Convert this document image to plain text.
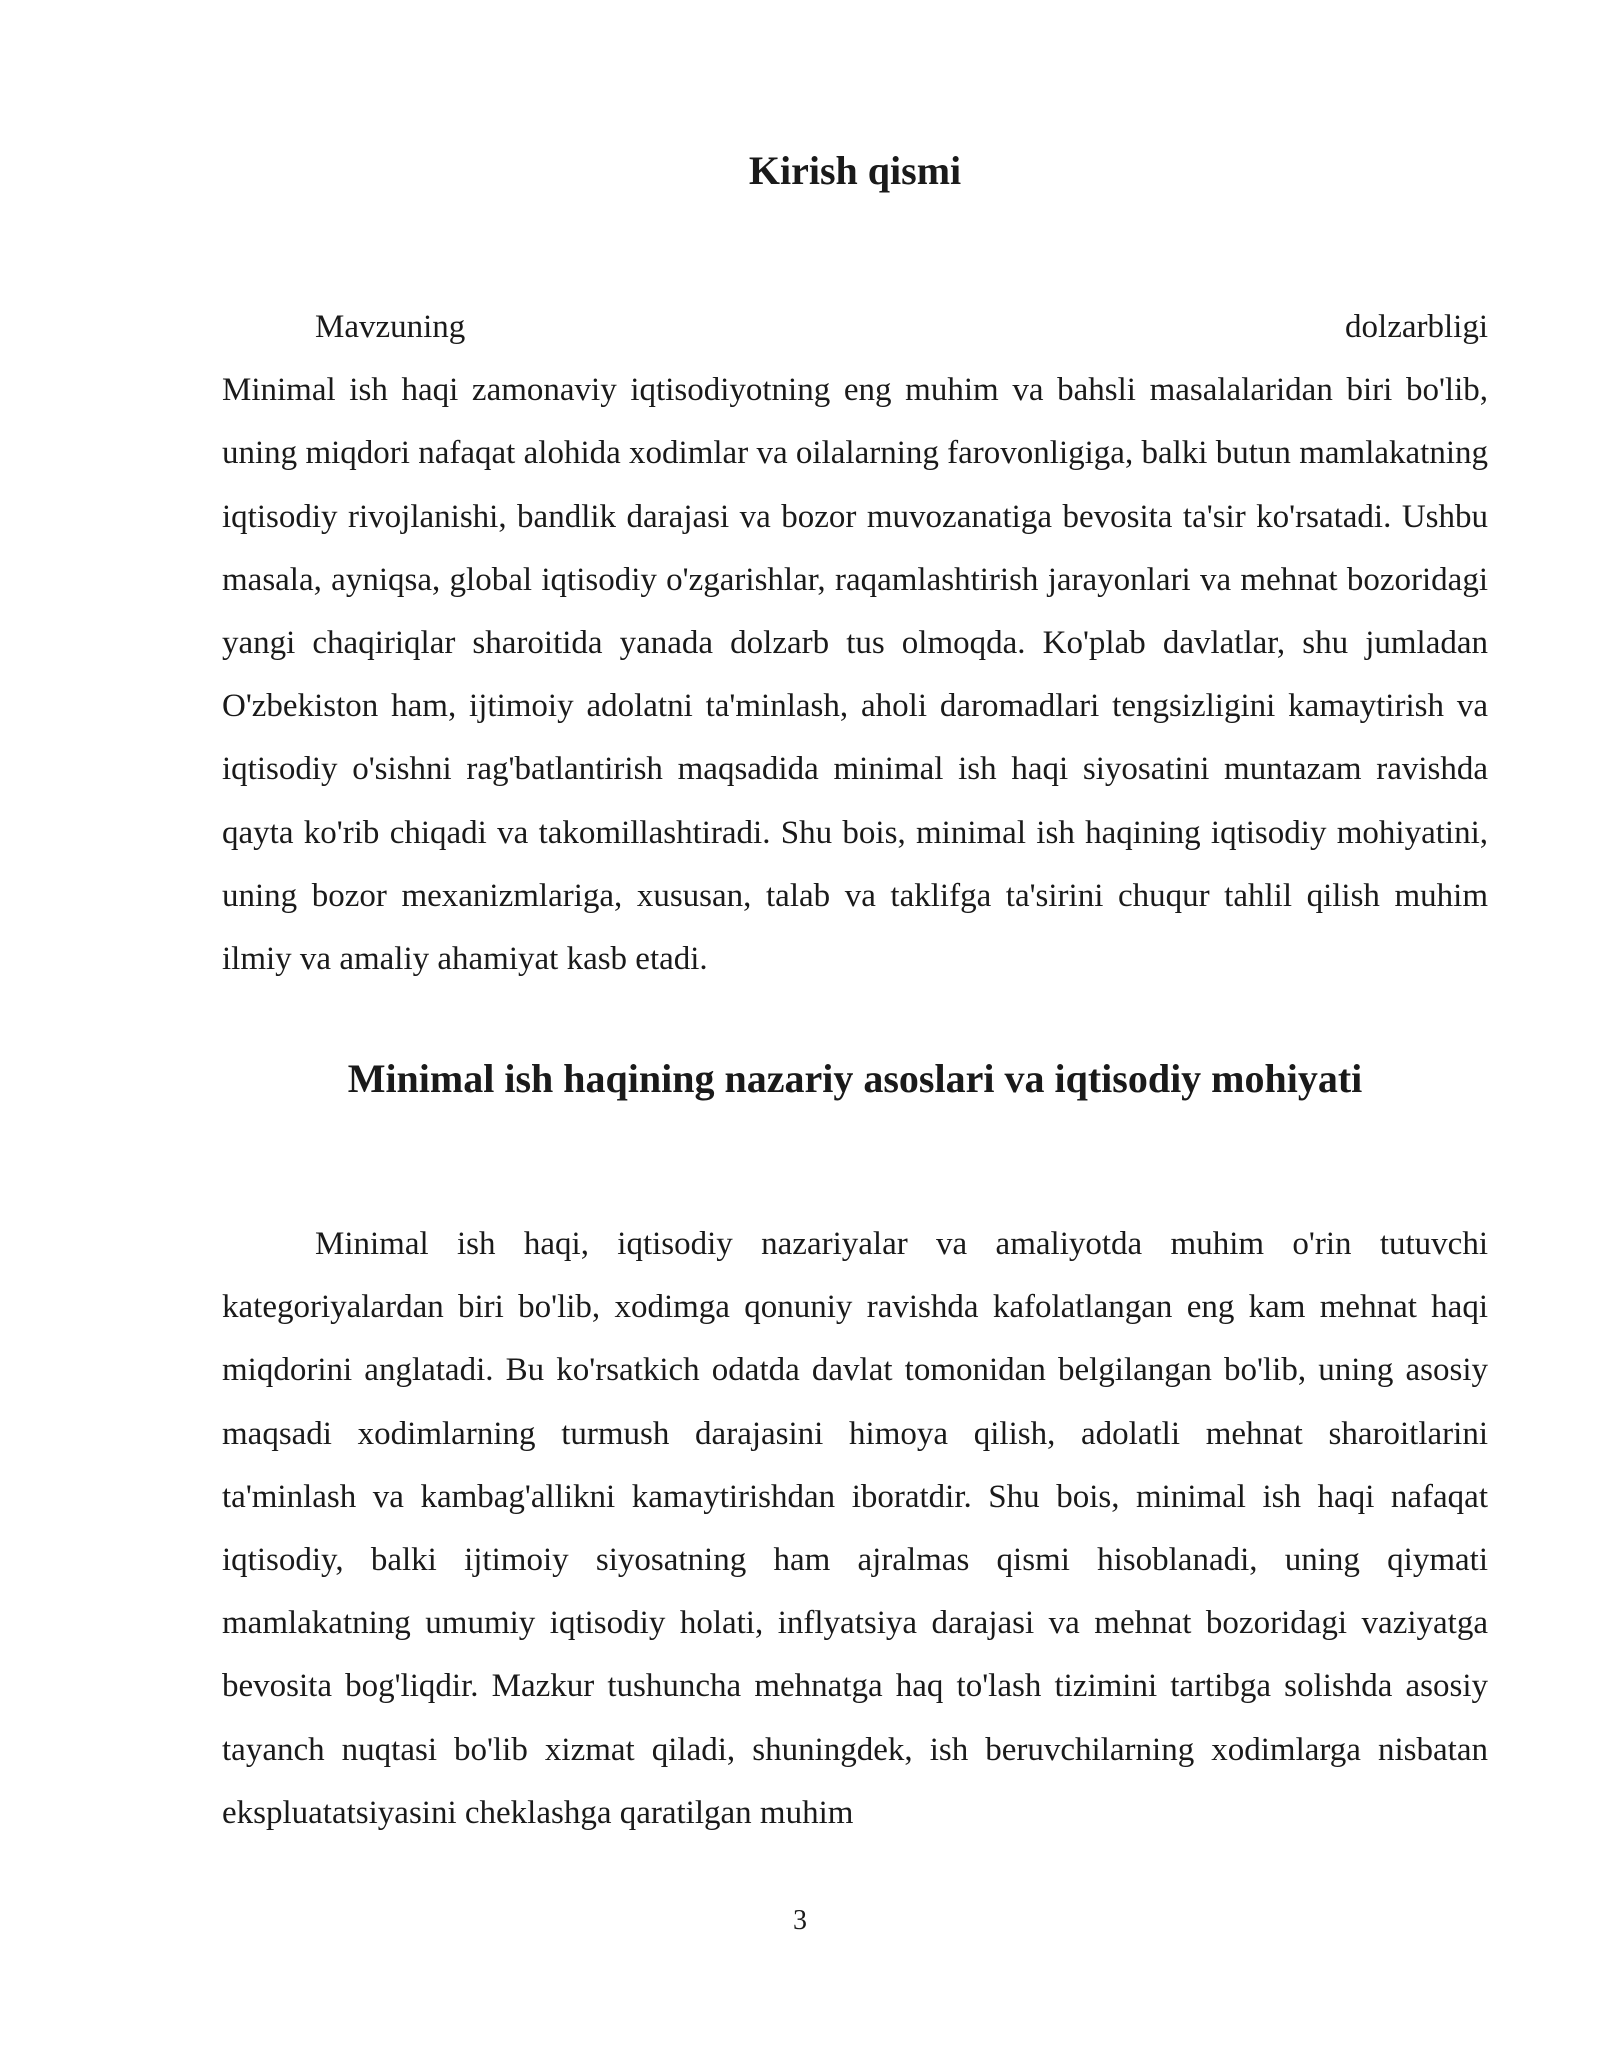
Kirish qismi
Mavzuning	dolzarbligi

Minimal ish haqi zamonaviy iqtisodiyotning eng muhim va bahsli masalalaridan biri bo'lib, uning miqdori nafaqat alohida xodimlar va oilalarning farovonligiga, balki butun mamlakatning iqtisodiy rivojlanishi, bandlik darajasi va bozor muvozanatiga bevosita ta'sir ko'rsatadi. Ushbu masala, ayniqsa, global iqtisodiy o'zgarishlar, raqamlashtirish jarayonlari va mehnat bozoridagi yangi chaqiriqlar sharoitida yanada dolzarb tus olmoqda. Ko'plab davlatlar, shu jumladan O'zbekiston ham, ijtimoiy adolatni ta'minlash, aholi daromadlari tengsizligini kamaytirish va iqtisodiy o'sishni rag'batlantirish maqsadida minimal ish haqi siyosatini muntazam ravishda qayta ko'rib chiqadi va takomillashtiradi. Shu bois, minimal ish haqining iqtisodiy mohiyatini, uning bozor mexanizmlariga, xususan, talab va taklifga ta'sirini chuqur tahlil qilish muhim ilmiy va amaliy ahamiyat kasb etadi.

Minimal ish haqining nazariy asoslari va iqtisodiy mohiyati

Minimal ish haqi, iqtisodiy nazariyalar va amaliyotda muhim o'rin tutuvchi kategoriyalardan biri bo'lib, xodimga qonuniy ravishda kafolatlangan eng kam mehnat haqi miqdorini anglatadi. Bu ko'rsatkich odatda davlat tomonidan belgilangan bo'lib, uning asosiy maqsadi xodimlarning turmush darajasini himoya qilish, adolatli mehnat sharoitlarini ta'minlash va kambag'allikni kamaytirishdan iboratdir. Shu bois, minimal ish haqi nafaqat iqtisodiy, balki ijtimoiy siyosatning ham ajralmas qismi hisoblanadi, uning qiymati mamlakatning umumiy iqtisodiy holati, inflyatsiya darajasi va mehnat bozoridagi vaziyatga bevosita bog'liqdir. Mazkur tushuncha mehnatga haq to'lash tizimini tartibga solishda asosiy tayanch nuqtasi bo'lib xizmat qiladi, shuningdek, ish beruvchilarning xodimlarga nisbatan ekspluatatsiyasini cheklashga qaratilgan muhim

3
